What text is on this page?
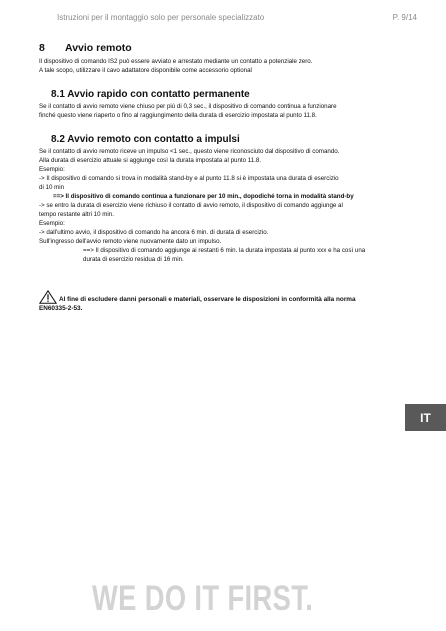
Istruzioni per il montaggio solo per personale specializzato	P. 9/14
8 Avvio remoto

Il dispositivo di comando IS2 può essere avviato e arrestato mediante un contatto a potenziale zero.

A tale scopo, utilizzare il cavo adattatore disponibile come accessorio optional

8.1 Avvio rapido con contatto permanente

Se il contatto di avvio remoto viene chiuso per più di 0,3 sec., il dispositivo di comando continua a funzionare

finché questo viene riaperto o fino al raggiungimento della durata di esercizio impostata al punto 11.8.

8.2 Avvio remoto con contatto a impulsi

Se il contatto di avvio remoto riceve un impulso <1 sec., questo viene riconosciuto dal dispositivo di comando.

Alla durata di esercizio attuale si aggiunge così la durata impostata al punto 11.8.

Esempio:

-> Il dispositivo di comando si trova in modalità stand-by e al punto 11.8 si è impostata una durata di esercizio

di 10 min

==> Il dispositivo di comando continua a funzionare per 10 min., dopodiché torna in modalità stand-by

-> se entro la durata di esercizio viene richiuso il contatto di avvio remoto, il dispositivo di comando aggiunge al

tempo restante altri 10 min.

Esempio:

-> dall'ultimo avvio, il dispositivo di comando ha ancora 6 min. di durata di esercizio.

Sull'ingresso dell'avvio remoto viene nuovamente dato un impulso.

==> Il dispositivo di comando aggiunge ai restanti 6 min. la durata impostata al punto xxx e ha così una

durata di esercizio residua di 16 min.

Al fine di escludere danni personali e materiali, osservare le disposizioni in conformità alla norma
EN60335-2-53.
IT
WE DO IT FIRST.
